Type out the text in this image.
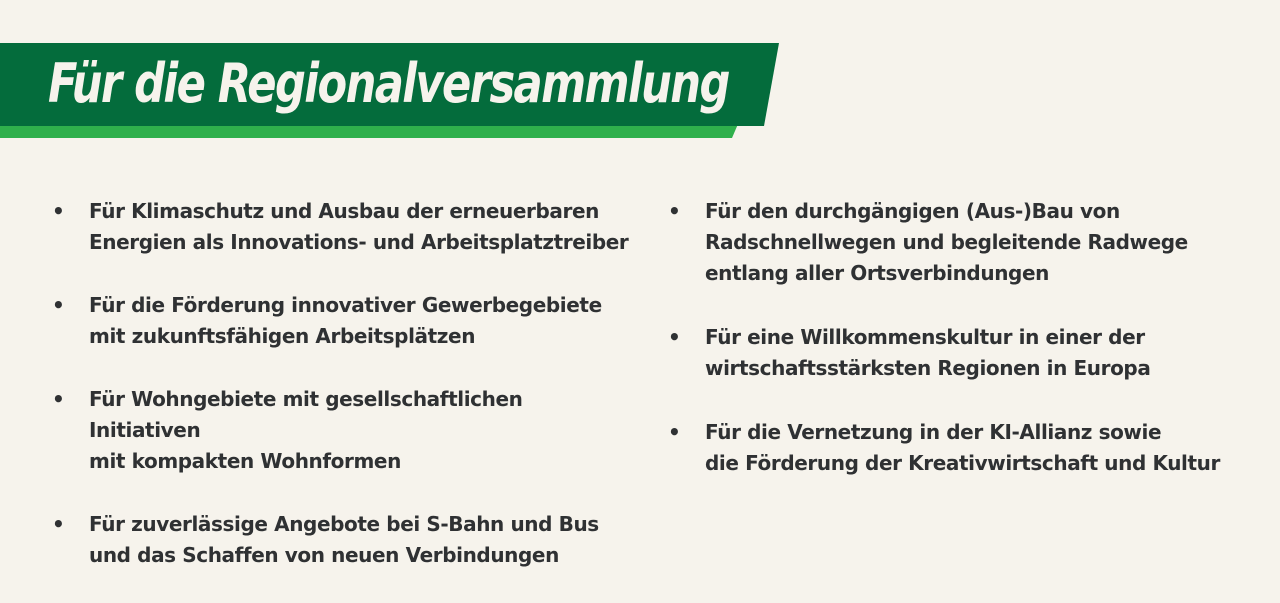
Für die Regionalversammlung
• Für Klimaschutz und Ausbau der erneuerbaren
Energien als Innovations- und Arbeitsplatztreiber
• Für die Förderung innovativer Gewerbegebiete
mit zukunftsfähigen Arbeitsplätzen
• Für Wohngebiete mit gesellschaftlichen Initiativen
mit kompakten Wohnformen
• Für zuverlässige Angebote bei S-Bahn und Bus
und das Schaffen von neuen Verbindungen
• Für den durchgängigen (Aus-)Bau von
Radschnellwegen und begleitende Radwege
entlang aller Ortsverbindungen
• Für eine Willkommenskultur in einer der
wirtschaftsstärksten Regionen in Europa
• Für die Vernetzung in der KI-Allianz sowie
die Förderung der Kreativwirtschaft und Kultur
